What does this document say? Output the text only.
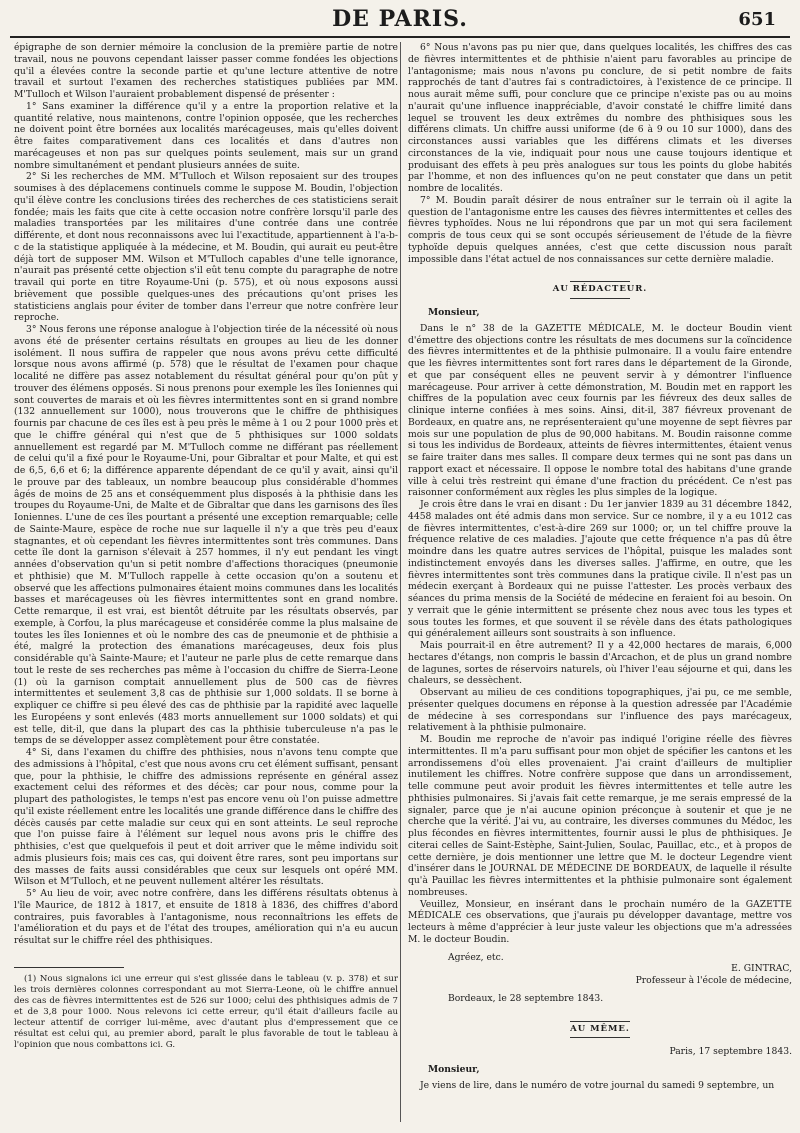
DE PARIS.	651

épigraphe de son dernier mémoire la conclusion de la première partie de notre travail, nous ne pouvons cependant laisser passer comme fondées les objections qu'il a élevées contre la seconde partie et qu'une lecture attentive de notre travail et surtout l'examen des recherches statistiques publiées par MM. M'Tulloch et Wilson l'auraient probablement dispensé de présenter :

1° Sans examiner la différence qu'il y a entre la proportion relative et la quantité relative, nous maintenons, contre l'opinion opposée, que les recherches ne doivent point être bornées aux localités marécageuses, mais qu'elles doivent être faites comparativement dans ces localités et dans d'autres non marécageuses et non pas sur quelques points seulement, mais sur un grand nombre simultanément et pendant plusieurs années de suite.

2° Si les recherches de MM. M'Tulloch et Wilson reposaient sur des troupes soumises à des déplacemens continuels comme le suppose M. Boudin, l'objection qu'il élève contre les conclusions tirées des recherches de ces statisticiens serait fondée; mais les faits que cite à cette occasion notre confrère lorsqu'il parle des maladies transportées par les militaires d'une contrée dans une contrée différente, et dont nous reconnaissons avec lui l'exactitude, appartiennent à l'a-b-c de la statistique appliquée à la médecine, et M. Boudin, qui aurait eu peut-être déjà tort de supposer MM. Wilson et M'Tulloch capables d'une telle ignorance, n'aurait pas présenté cette objection s'il eût tenu compte du paragraphe de notre travail qui porte en titre Royaume-Uni (p. 575), et où nous exposons aussi brièvement que possible quelques-unes des précautions qu'ont prises les statisticiens anglais pour éviter de tomber dans l'erreur que notre confrère leur reproche.

3° Nous ferons une réponse analogue à l'objection tirée de la nécessité où nous avons été de présenter certains résultats en groupes au lieu de les donner isolément. Il nous suffira de rappeler que nous avons prévu cette difficulté lorsque nous avons affirmé (p. 578) que le résultat de l'examen pour chaque localité ne diffère pas assez notablement du résultat général pour qu'on pût y trouver des élémens opposés. Si nous prenons pour exemple les îles Ioniennes qui sont couvertes de marais et où les fièvres intermittentes sont en si grand nombre (132 annuellement sur 1000), nous trouverons que le chiffre de phthisiques fournis par chacune de ces îles est à peu près le même à 1 ou 2 pour 1000 près et que le chiffre général qui n'est que de 5 phthisiques sur 1000 soldats annuellement est regardé par M. M'Tulloch comme ne différant pas réellement de celui qu'il a fixé pour le Royaume-Uni, pour Gibraltar et pour Malte, et qui est de 6,5, 6,6 et 6; la différence apparente dépendant de ce qu'il y avait, ainsi qu'il le prouve par des tableaux, un nombre beaucoup plus considérable d'hommes âgés de moins de 25 ans et conséquemment plus disposés à la phthisie dans les troupes du Royaume-Uni, de Malte et de Gibraltar que dans les garnisons des îles Ioniennes. L'une de ces îles pourtant a présenté une exception remarquable; celle de Sainte-Maure, espèce de roche nue sur laquelle il n'y a que très peu d'eaux stagnantes, et où cependant les fièvres intermittentes sont très communes. Dans cette île dont la garnison s'élevait à 257 hommes, il n'y eut pendant les vingt années d'observation qu'un si petit nombre d'affections thoraciques (pneumonie et phthisie) que M. M'Tulloch rappelle à cette occasion qu'on a soutenu et observé que les affections pulmonaires étaient moins communes dans les localités basses et marécageuses où les fièvres intermittentes sont en grand nombre. Cette remarque, il est vrai, est bientôt détruite par les résultats observés, par exemple, à Corfou, la plus marécageuse et considérée comme la plus malsaine de toutes les îles Ioniennes et où le nombre des cas de pneumonie et de phthisie a été, malgré la protection des émanations marécageuses, deux fois plus considérable qu'à Sainte-Maure; et l'auteur ne parle plus de cette remarque dans tout le reste de ses recherches pas même à l'occasion du chiffre de Sierra-Leone (1) où la garnison comptait annuellement plus de 500 cas de fièvres intermittentes et seulement 3,8 cas de phthisie sur 1,000 soldats. Il se borne à expliquer ce chiffre si peu élevé des cas de phthisie par la rapidité avec laquelle les Européens y sont enlevés (483 morts annuellement sur 1000 soldats) et qui est telle, dit-il, que dans la plupart des cas la phthisie tuberculeuse n'a pas le temps de se développer assez complètement pour être constatée.

4° Si, dans l'examen du chiffre des phthisies, nous n'avons tenu compte que des admissions à l'hôpital, c'est que nous avons cru cet élément suffisant, pensant que, pour la phthisie, le chiffre des admissions représente en général assez exactement celui des réformes et des décès; car pour nous, comme pour la plupart des pathologistes, le temps n'est pas encore venu où l'on puisse admettre qu'il existe réellement entre les localités une grande différence dans le chiffre des décès causés par cette maladie sur ceux qui en sont atteints. Le seul reproche que l'on puisse faire à l'élément sur lequel nous avons pris le chiffre des phthisies, c'est que quelquefois il peut et doit arriver que le même individu soit admis plusieurs fois; mais ces cas, qui doivent être rares, sont peu importans sur des masses de faits aussi considérables que ceux sur lesquels ont opéré MM. Wilson et M'Tulloch, et ne peuvent nullement altérer les résultats.

5° Au lieu de voir, avec notre confrère, dans les différens résultats obtenus à l'île Maurice, de 1812 à 1817, et ensuite de 1818 à 1836, des chiffres d'abord contraires, puis favorables à l'antagonisme, nous reconnaîtrions les effets de l'amélioration et du pays et de l'état des troupes, amélioration qui n'a eu aucun résultat sur le chiffre réel des phthisiques.

(1) Nous signalons ici une erreur qui s'est glissée dans le tableau (v. p. 378) et sur les trois dernières colonnes correspondant au mot Sierra-Leone, où le chiffre annuel des cas de fièvres intermittentes est de 526 sur 1000; celui des phthisiques admis de 7 et de 3,8 pour 1000. Nous relevons ici cette erreur, qu'il était d'ailleurs facile au lecteur attentif de corriger lui-même, avec d'autant plus d'empressement que ce résultat est celui qui, au premier abord, paraît le plus favorable de tout le tableau à l'opinion que nous combattons ici. G.

6° Nous n'avons pas pu nier que, dans quelques localités, les chiffres des cas de fièvres intermittentes et de phthisie n'aient paru favorables au principe de l'antagonisme; mais nous n'avons pu conclure, de si petit nombre de faits rapprochés de tant d'autres fai s contradictoires, à l'existence de ce principe. Il nous aurait même suffi, pour conclure que ce principe n'existe pas ou au moins n'aurait qu'une influence inappréciable, d'avoir constaté le chiffre limité dans lequel se trouvent les deux extrêmes du nombre des phthisiques sous les différens climats. Un chiffre aussi uniforme (de 6 à 9 ou 10 sur 1000), dans des circonstances aussi variables que les différens climats et les diverses circonstances de la vie, indiquait pour nous une cause toujours identique et produisant des effets à peu près analogues sur tous les points du globe habités par l'homme, et non des influences qu'on ne peut constater que dans un petit nombre de localités.

7° M. Boudin paraît désirer de nous entraîner sur le terrain où il agite la question de l'antagonisme entre les causes des fièvres intermittentes et celles des fièvres typhoïdes. Nous ne lui répondrons que par un mot qui sera facilement compris de tous ceux qui se sont occupés sérieusement de l'étude de la fièvre typhoïde depuis quelques années, c'est que cette discussion nous paraît impossible dans l'état actuel de nos connaissances sur cette dernière maladie.

AU RÉDACTEUR.

Monsieur,

Dans le n° 38 de la GAZETTE MÉDICALE, M. le docteur Boudin vient d'émettre des objections contre les résultats de mes documens sur la coïncidence des fièvres intermittentes et de la phthisie pulmonaire. Il a voulu faire entendre que les fièvres intermittentes sont fort rares dans le département de la Gironde, et que par conséquent elles ne peuvent servir à y démontrer l'influence marécageuse. Pour arriver à cette démonstration, M. Boudin met en rapport les chiffres de la population avec ceux fournis par les fiévreux des deux salles de clinique interne confiées à mes soins. Ainsi, dit-il, 387 fiévreux provenant de Bordeaux, en quatre ans, ne représenteraient qu'une moyenne de sept fièvres par mois sur une population de plus de 90,000 habitans. M. Boudin raisonne comme si tous les individus de Bordeaux, atteints de fièvres intermittentes, étaient venus se faire traiter dans mes salles. Il compare deux termes qui ne sont pas dans un rapport exact et nécessaire. Il oppose le nombre total des habitans d'une grande ville à celui très restreint qui émane d'une fraction du précédent. Ce n'est pas raisonner conformément aux règles les plus simples de la logique.

Je crois être dans le vrai en disant : Du 1er janvier 1839 au 31 décembre 1842, 4458 malades ont été admis dans mon service. Sur ce nombre, il y a eu 1012 cas de fièvres intermittentes, c'est-à-dire 269 sur 1000; or, un tel chiffre prouve la fréquence relative de ces maladies. J'ajoute que cette fréquence n'a pas dû être moindre dans les quatre autres services de l'hôpital, puisque les malades sont indistinctement envoyés dans les diverses salles. J'affirme, en outre, que les fièvres intermittentes sont très communes dans la pratique civile. Il n'est pas un médecin exerçant à Bordeaux qui ne puisse l'attester. Les procès verbaux des séances du prima mensis de la Société de médecine en feraient foi au besoin. On y verrait que le génie intermittent se présente chez nous avec tous les types et sous toutes les formes, et que souvent il se révèle dans des états pathologiques qui généralement ailleurs sont soustraits à son influence.

Mais pourrait-il en être autrement? Il y a 42,000 hectares de marais, 6,000 hectares d'étangs, non compris le bassin d'Arcachon, et de plus un grand nombre de lagunes, sortes de réservoirs naturels, où l'hiver l'eau séjourne et qui, dans les chaleurs, se dessèchent.

Observant au milieu de ces conditions topographiques, j'ai pu, ce me semble, présenter quelques documens en réponse à la question adressée par l'Académie de médecine à ses correspondans sur l'influence des pays marécageux, relativement à la phthisie pulmonaire.

M. Boudin me reproche de n'avoir pas indiqué l'origine réelle des fièvres intermittentes. Il m'a paru suffisant pour mon objet de spécifier les cantons et les arrondissemens d'où elles provenaient. J'ai craint d'ailleurs de multiplier inutilement les chiffres. Notre confrère suppose que dans un arrondissement, telle commune peut avoir produit les fièvres intermittentes et telle autre les phthisies pulmonaires. Si j'avais fait cette remarque, je me serais empressé de la signaler, parce que je n'ai aucune opinion préconçue à soutenir et que je ne cherche que la vérité. J'ai vu, au contraire, les diverses communes du Médoc, les plus fécondes en fièvres intermittentes, fournir aussi le plus de phthisiques. Je citerai celles de Saint-Estèphe, Saint-Julien, Soulac, Pauillac, etc., et à propos de cette dernière, je dois mentionner une lettre que M. le docteur Legendre vient d'insérer dans le JOURNAL DE MÉDECINE DE BORDEAUX, de laquelle il résulte qu'à Pauillac les fièvres intermittentes et la phthisie pulmonaire sont également nombreuses.

Veuillez, Monsieur, en insérant dans le prochain numéro de la GAZETTE MÉDICALE ces observations, que j'aurais pu développer davantage, mettre vos lecteurs à même d'apprécier à leur juste valeur les objections que m'a adressées M. le docteur Boudin.

Agréez, etc.

E. GINTRAC,

Professeur à l'école de médecine,

Bordeaux, le 28 septembre 1843.

AU MÊME.

Paris, 17 septembre 1843.

Monsieur,

Je viens de lire, dans le numéro de votre journal du samedi 9 septembre, un
